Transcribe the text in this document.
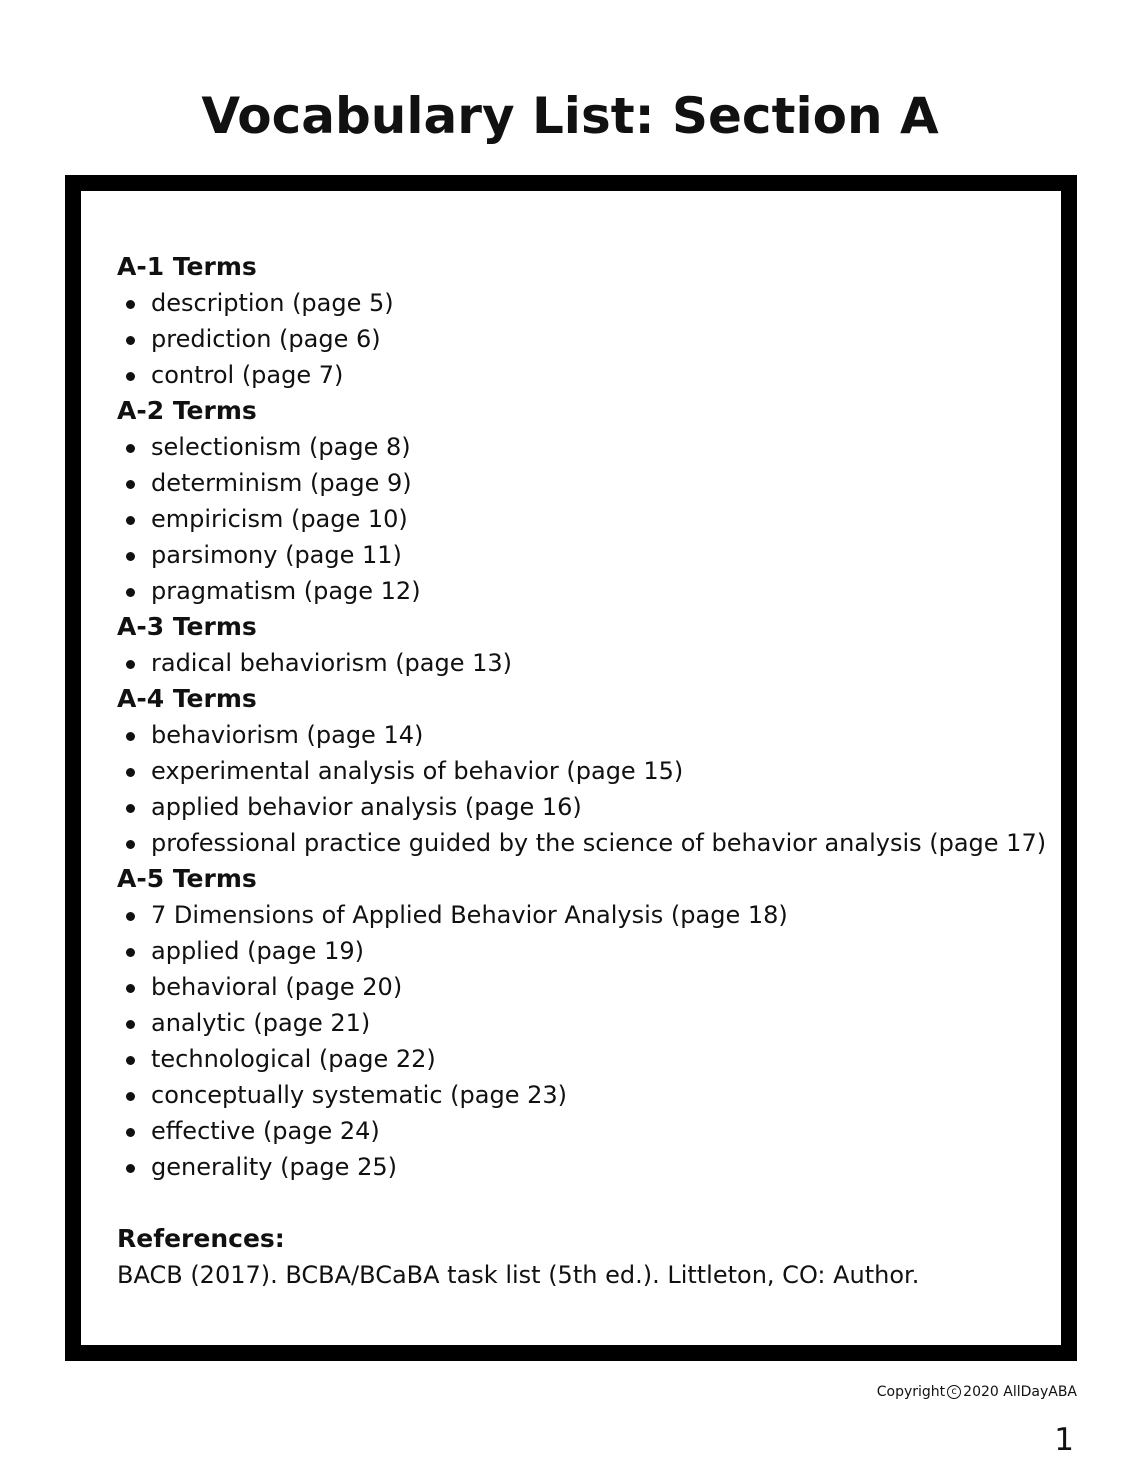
Vocabulary List: Section A
A-1 Terms
description (page 5)
prediction (page 6)
control (page 7)
A-2 Terms
selectionism (page 8)
determinism (page 9)
empiricism (page 10)
parsimony (page 11)
pragmatism (page 12)
A-3 Terms
radical behaviorism (page 13)
A-4 Terms
behaviorism (page 14)
experimental analysis of behavior (page 15)
applied behavior analysis (page 16)
professional practice guided by the science of behavior analysis (page 17)
A-5 Terms
7 Dimensions of Applied Behavior Analysis (page 18)
applied (page 19)
behavioral (page 20)
analytic (page 21)
technological (page 22)
conceptually systematic (page 23)
effective (page 24)
generality (page 25)
References:

BACB (2017). BCBA/BCaBA task list (5th ed.). Littleton, CO: Author.

Copyright c 2020 AllDayABA
1
